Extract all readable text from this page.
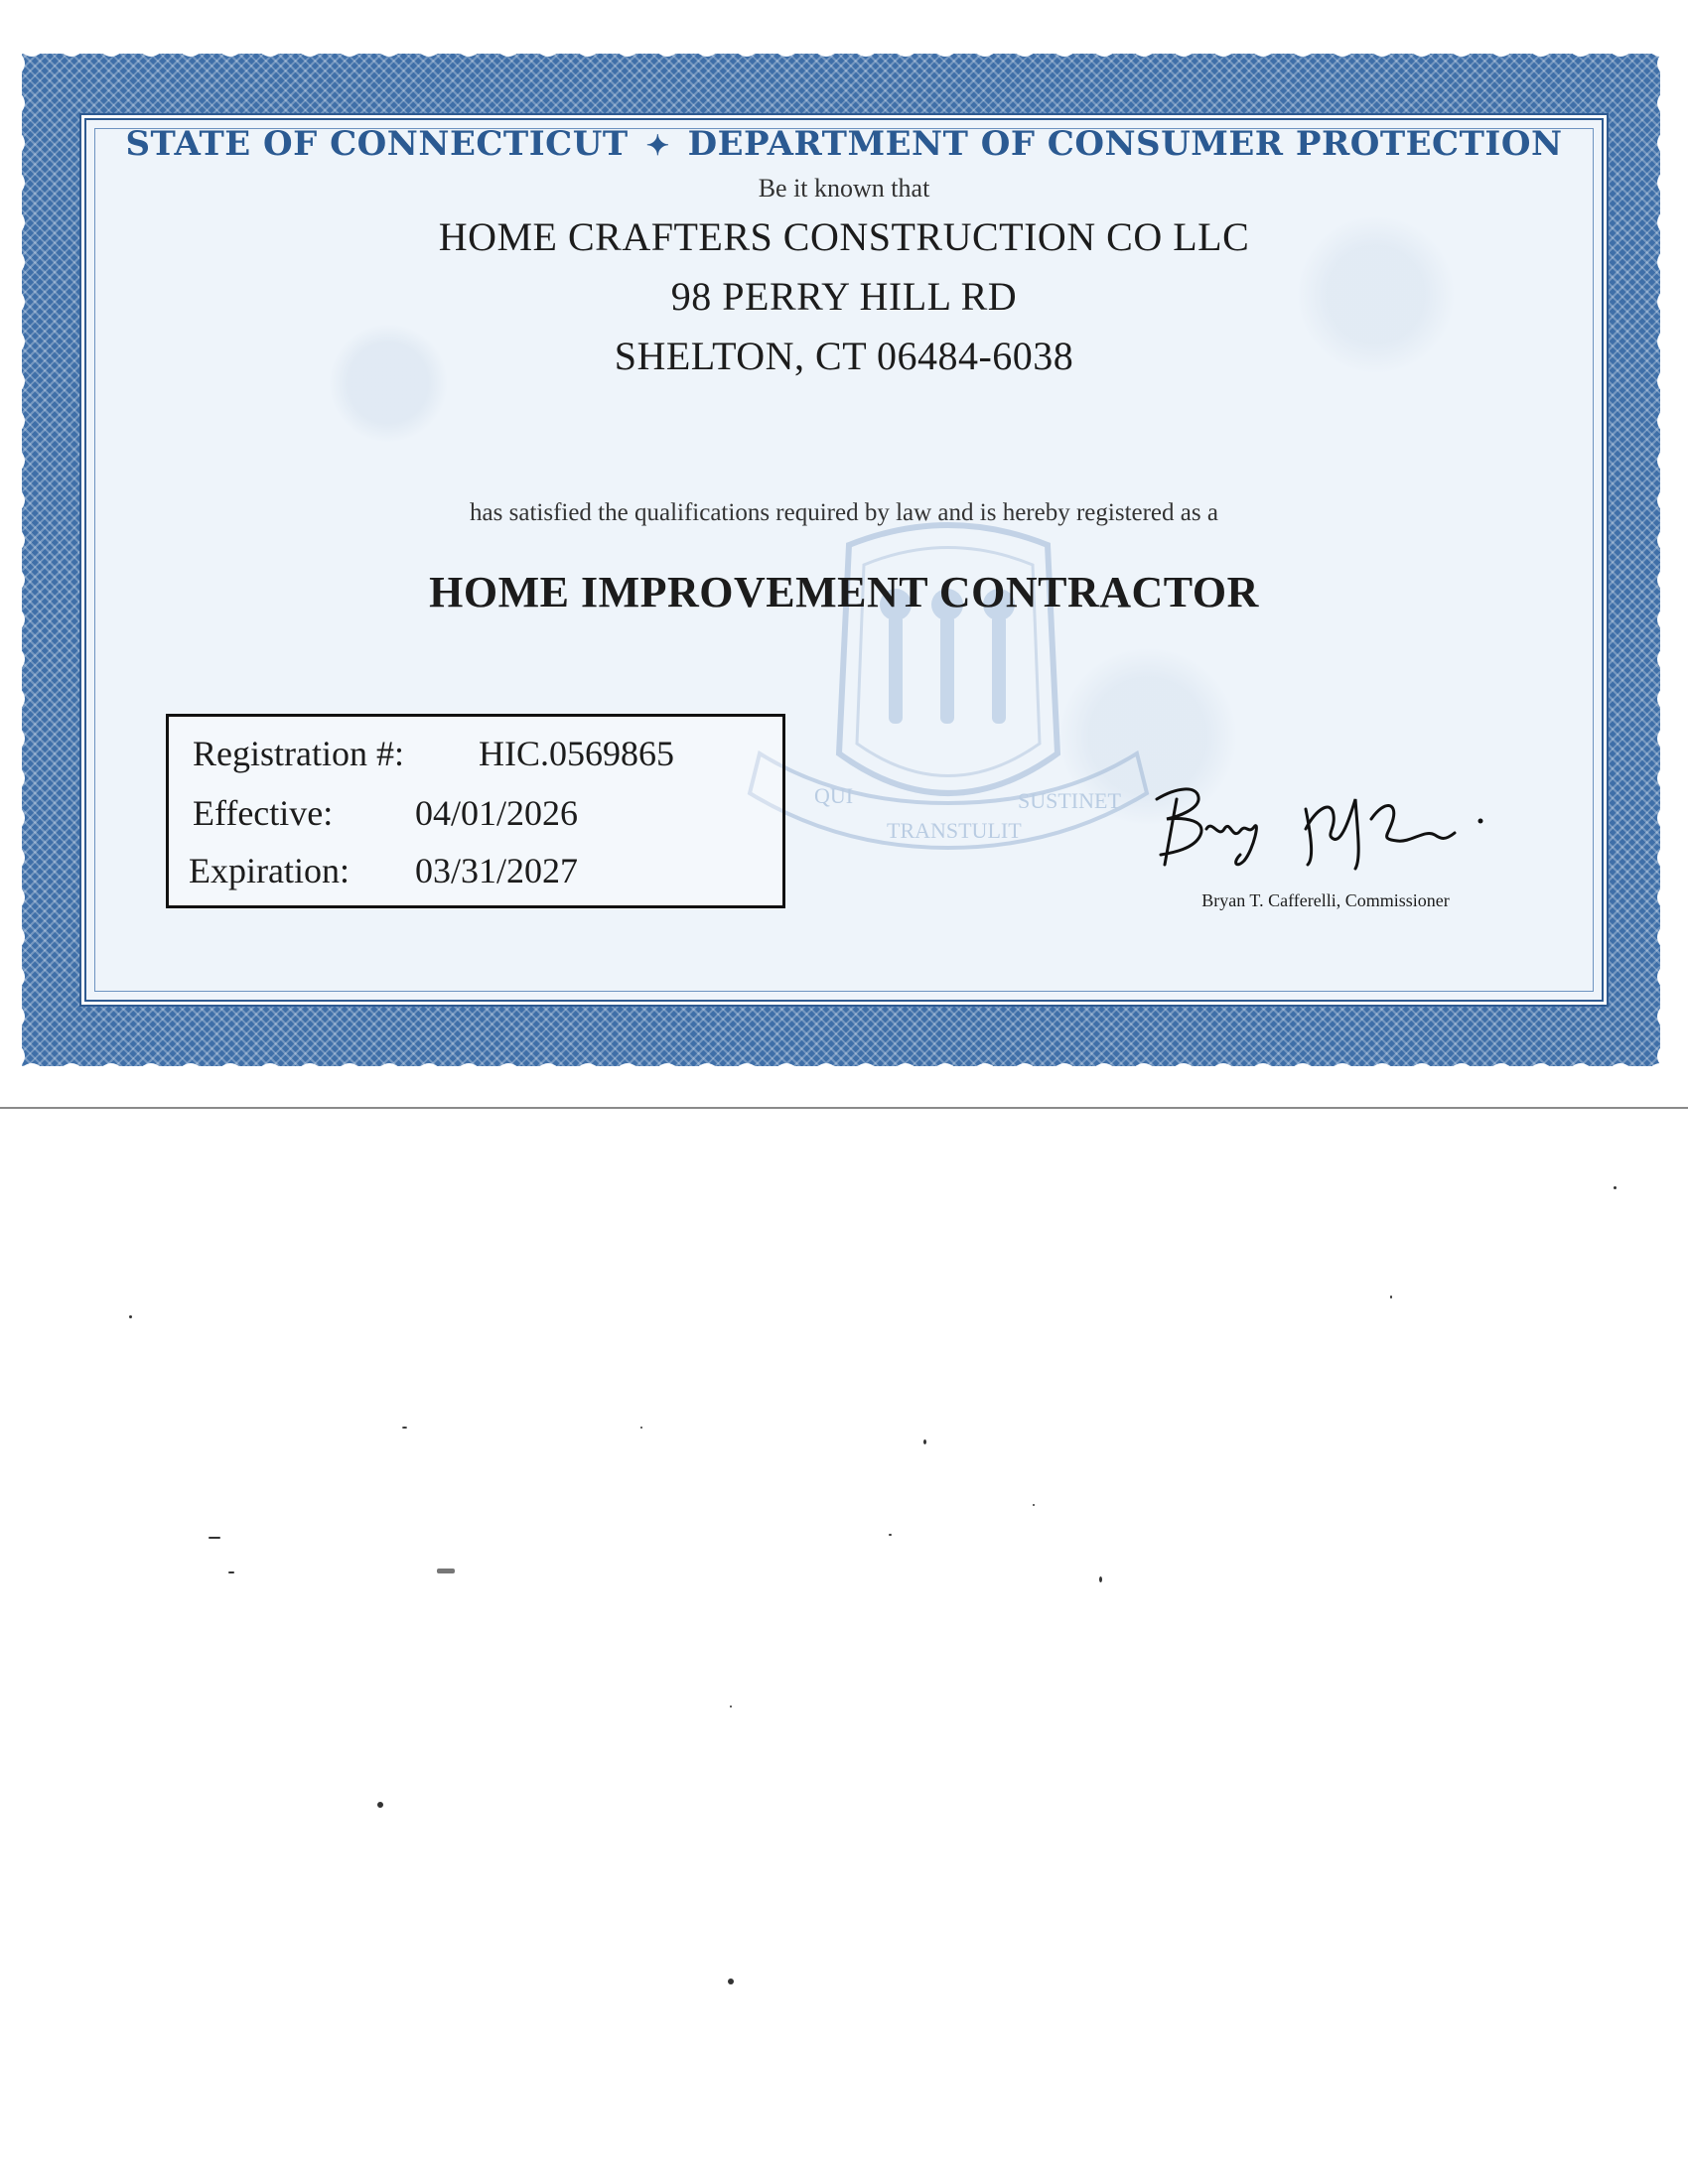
QUI
TRANSTULIT
SUSTINET
STATE OF CONNECTICUT ✦ DEPARTMENT OF CONSUMER PROTECTION
Be it known that
HOME CRAFTERS CONSTRUCTION CO LLC
98 PERRY HILL RD
SHELTON, CT 06484-6038
has satisfied the qualifications required by law and is hereby registered as a
HOME IMPROVEMENT CONTRACTOR
Registration #: HIC.0569865
Effective: 04/01/2026
Expiration: 03/31/2027
Bryan T. Cafferelli, Commissioner
